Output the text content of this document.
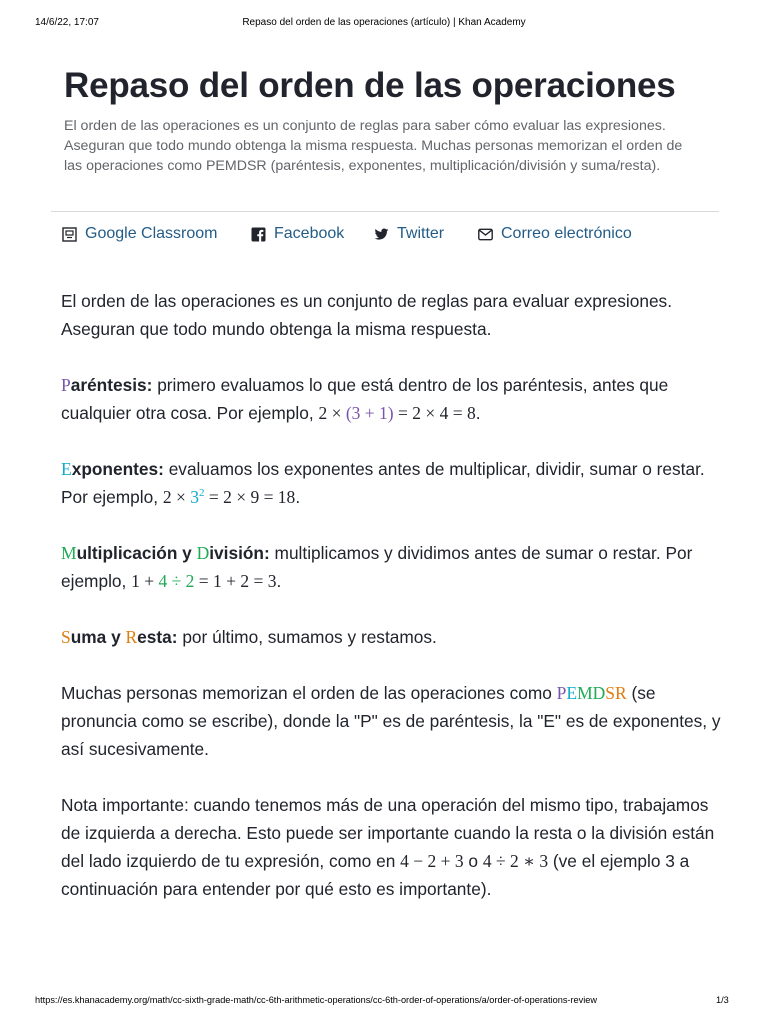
14/6/22, 17:07	Repaso del orden de las operaciones (artículo) | Khan Academy
Repaso del orden de las operaciones

El orden de las operaciones es un conjunto de reglas para saber cómo evaluar las expresiones. Aseguran que todo mundo obtenga la misma respuesta. Muchas personas memorizan el orden de las operaciones como PEMDSR (paréntesis, exponentes, multiplicación/división y suma/resta).

Google Classroom	Facebook	Twitter	Correo electrónico

El orden de las operaciones es un conjunto de reglas para evaluar expresiones. Aseguran que todo mundo obtenga la misma respuesta.

Paréntesis: primero evaluamos lo que está dentro de los paréntesis, antes que cualquier otra cosa. Por ejemplo, 2 × (3 + 1) = 2 × 4 = 8.

Exponentes: evaluamos los exponentes antes de multiplicar, dividir, sumar o restar. Por ejemplo, $2 \times 3^2 = 2 \times 9 = 18$.

Multiplicación y División: multiplicamos y dividimos antes de sumar o restar. Por ejemplo, 1 + 4 ÷ 2 = 1 + 2 = 3.

Suma y Resta: por último, sumamos y restamos.

Muchas personas memorizan el orden de las operaciones como PEMDSR (se pronuncia como se escribe), donde la "P" es de paréntesis, la "E" es de exponentes, y así sucesivamente.

Nota importante: cuando tenemos más de una operación del mismo tipo, trabajamos de izquierda a derecha. Esto puede ser importante cuando la resta o la división están del lado izquierdo de tu expresión, como en 4 − 2 + 3 o 4 ÷ 2 ∗ 3 (ve el ejemplo 3 a continuación para entender por qué esto es importante).

https://es.khanacademy.org/math/cc-sixth-grade-math/cc-6th-arithmetic-operations/cc-6th-order-of-operations/a/order-of-operations-review	1/3
